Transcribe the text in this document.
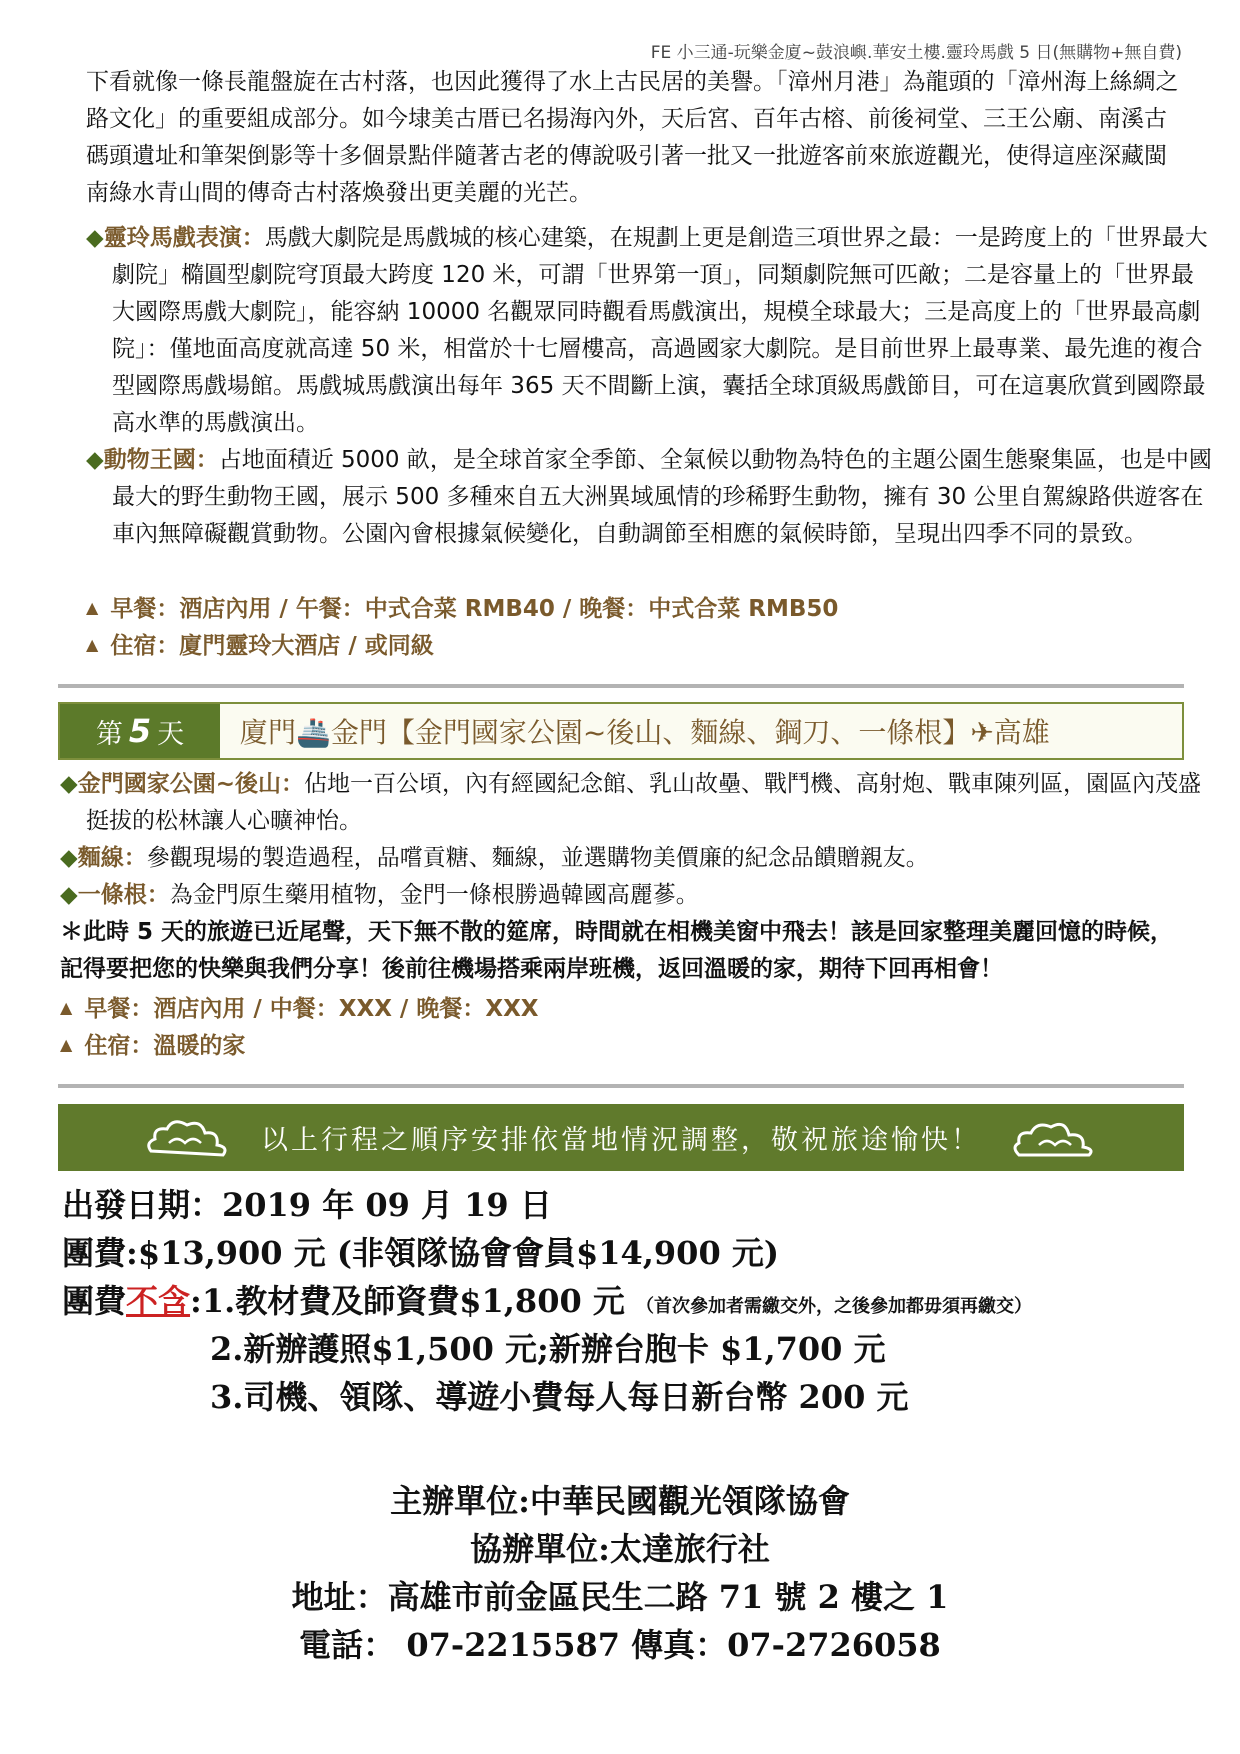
FE 小三通-玩樂金廈~鼓浪嶼.華安土樓.靈玲馬戲 5 日(無購物+無自費)

下看就像一條長龍盤旋在古村落，也因此獲得了水上古民居的美譽。「漳州月港」為龍頭的「漳州海上絲綢之路文化」的重要組成部分。如今埭美古厝已名揚海內外，天后宮、百年古榕、前後祠堂、三王公廟、南溪古碼頭遺址和筆架倒影等十多個景點伴隨著古老的傳說吸引著一批又一批遊客前來旅遊觀光，使得這座深藏閩南綠水青山間的傳奇古村落煥發出更美麗的光芒。

◆靈玲馬戲表演：馬戲大劇院是馬戲城的核心建築，在規劃上更是創造三項世界之最：一是跨度上的「世界最大劇院」橢圓型劇院穹頂最大跨度 120 米，可謂「世界第一頂」，同類劇院無可匹敵；二是容量上的「世界最大國際馬戲大劇院」，能容納 10000 名觀眾同時觀看馬戲演出，規模全球最大；三是高度上的「世界最高劇院」：僅地面高度就高達 50 米，相當於十七層樓高，高過國家大劇院。是目前世界上最專業、最先進的複合型國際馬戲場館。馬戲城馬戲演出每年 365 天不間斷上演，囊括全球頂級馬戲節目，可在這裏欣賞到國際最高水準的馬戲演出。

◆動物王國：占地面積近 5000 畝，是全球首家全季節、全氣候以動物為特色的主題公園生態聚集區，也是中國最大的野生動物王國，展示 500 多種來自五大洲異域風情的珍稀野生動物，擁有 30 公里自駕線路供遊客在車內無障礙觀賞動物。公園內會根據氣候變化，自動調節至相應的氣候時節，呈現出四季不同的景致。

▲ 早餐：酒店內用 / 午餐：中式合菜 RMB40 / 晚餐：中式合菜 RMB50
▲ 住宿：廈門靈玲大酒店 / 或同級
第 5 天	廈門🚢金門【金門國家公園~後山、麵線、鋼刀、一條根】✈高雄

◆金門國家公園~後山：佔地一百公頃，內有經國紀念館、乳山故壘、戰鬥機、高射炮、戰車陳列區，園區內茂盛挺拔的松林讓人心曠神怡。

◆麵線：參觀現場的製造過程，品嚐貢糖、麵線，並選購物美價廉的紀念品饋贈親友。

◆一條根：為金門原生藥用植物，金門一條根勝過韓國高麗蔘。

＊此時 5 天的旅遊已近尾聲，天下無不散的筵席，時間就在相機美窗中飛去！該是回家整理美麗回憶的時候，記得要把您的快樂與我們分享！後前往機場搭乘兩岸班機，返回溫暖的家，期待下回再相會！

▲ 早餐：酒店內用 / 中餐：XXX / 晚餐：XXX
▲ 住宿：溫暖的家
以上行程之順序安排依當地情況調整，敬祝旅途愉快！
出發日期：2019 年 09 月 19 日
團費:$13,900 元 (非領隊協會會員$14,900 元)
團費不含:1.教材費及師資費$1,800 元 （首次參加者需繳交外，之後參加都毋須再繳交）
2.新辦護照$1,500 元;新辦台胞卡 $1,700 元
3.司機、領隊、導遊小費每人每日新台幣 200 元
主辦單位:中華民國觀光領隊協會
協辦單位:太達旅行社
地址：高雄市前金區民生二路 71 號 2 樓之 1
電話： 07-2215587 傳真：07-2726058
